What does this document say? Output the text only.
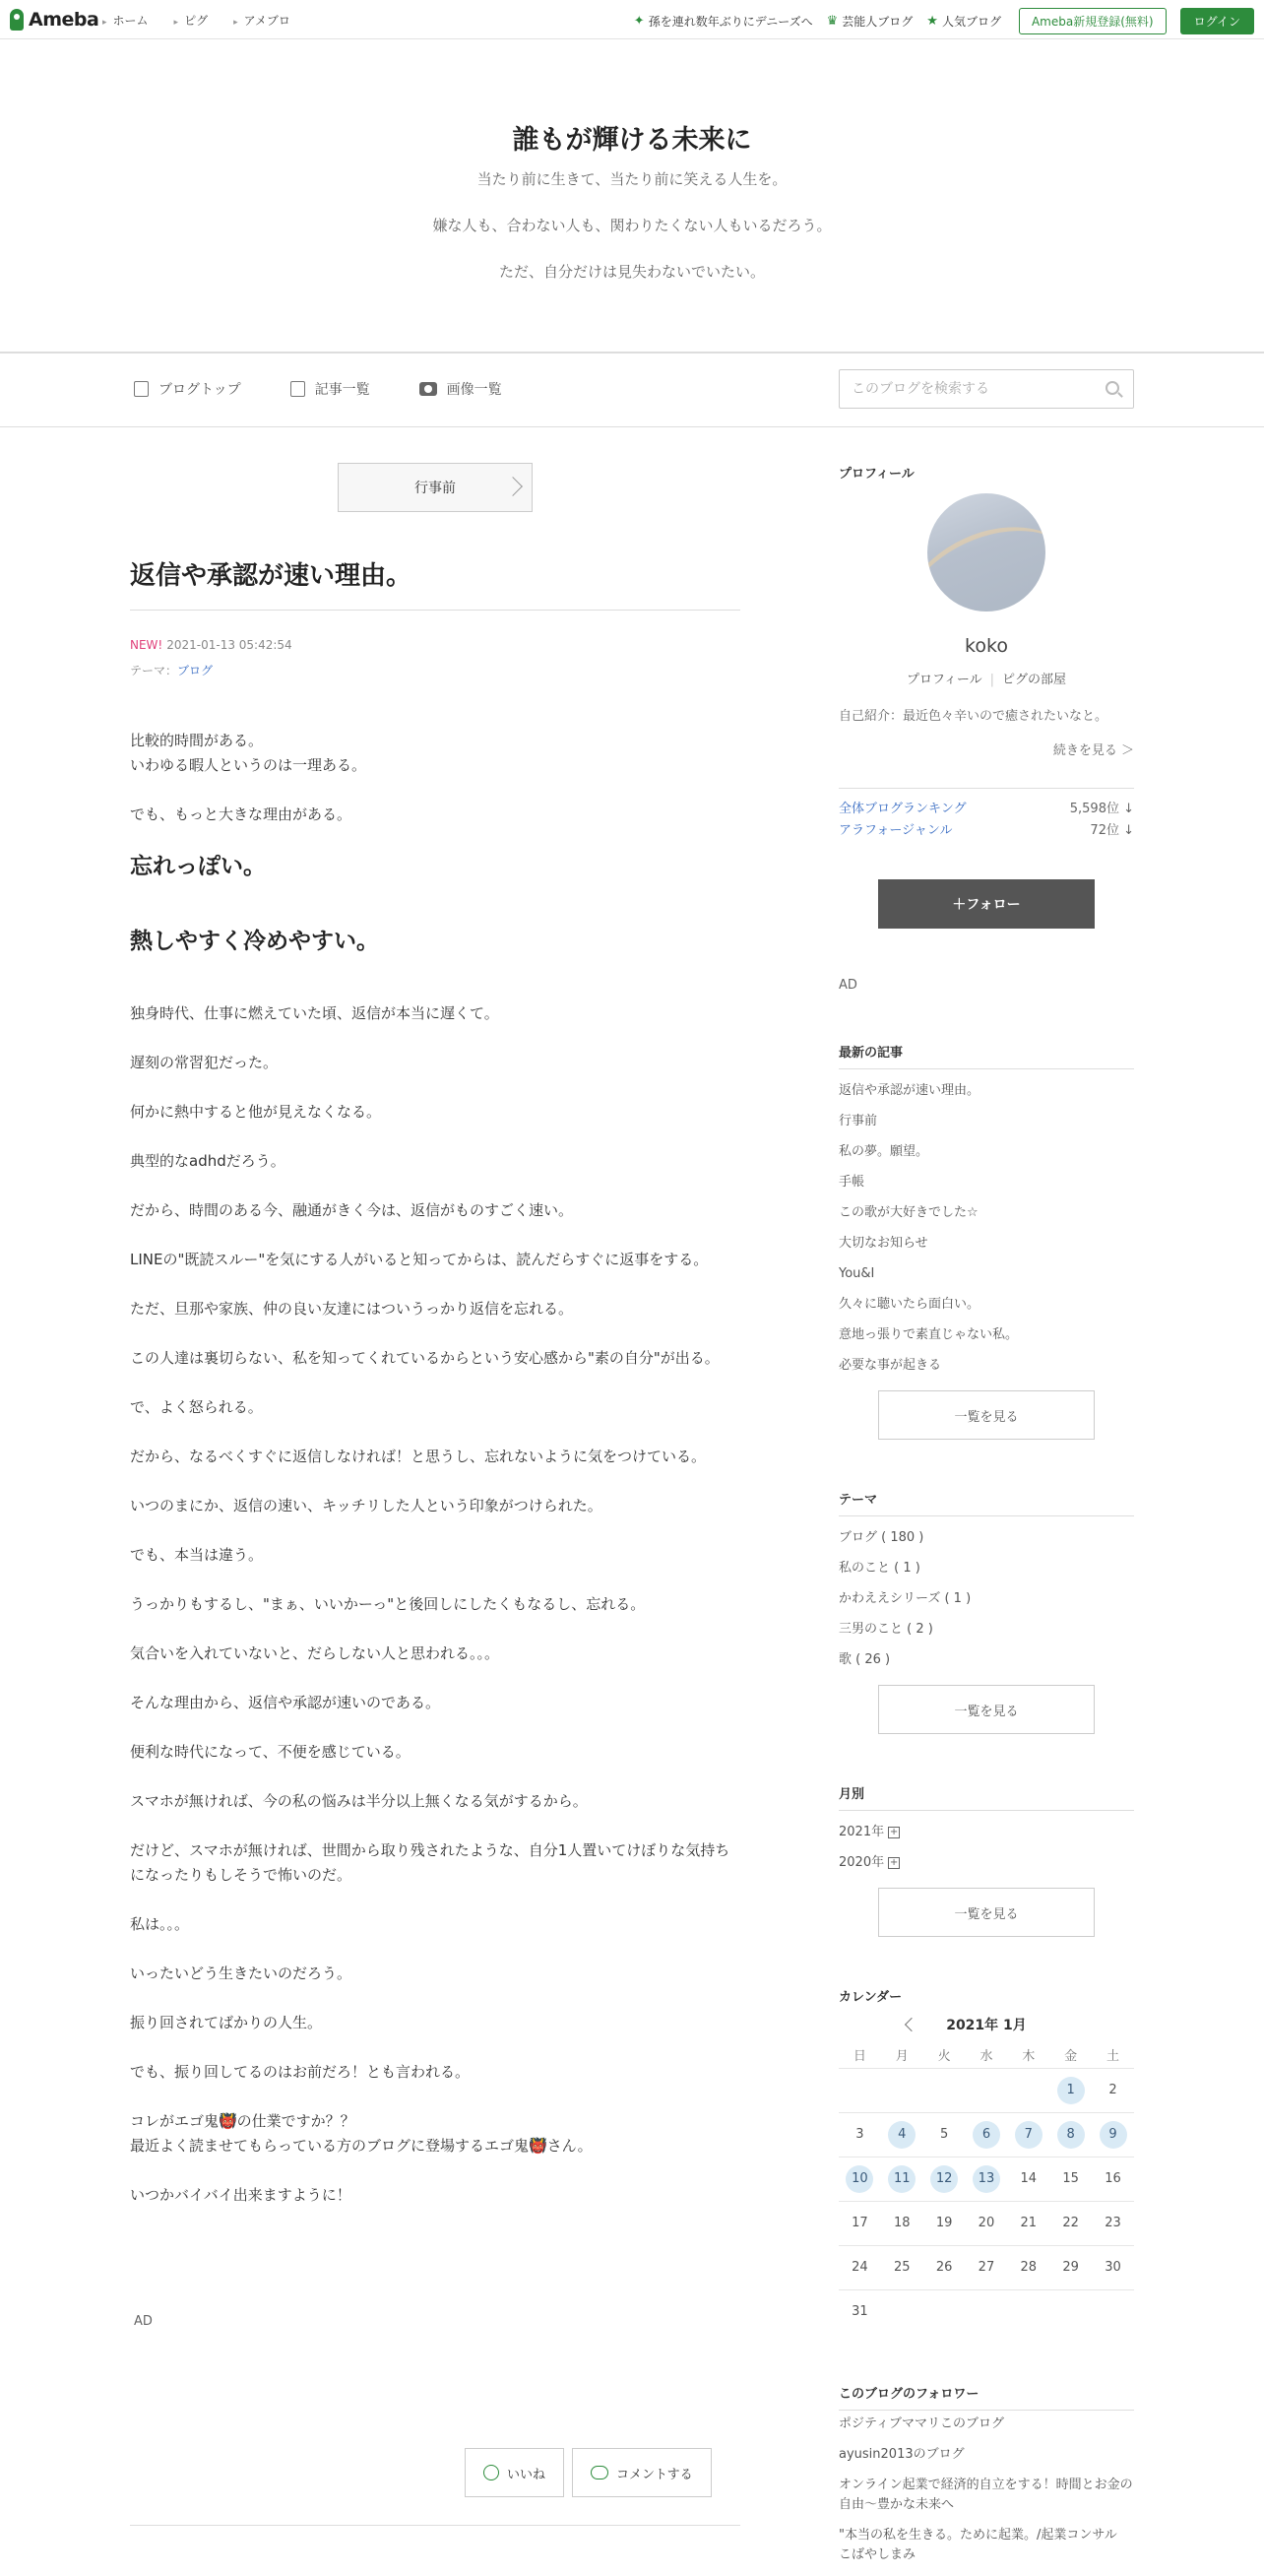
Ameba	▸ ホーム	▸ ピグ	▸ アメブロ	✦ 孫を連れ数年ぶりにデニーズへ ♛ 芸能人ブログ ★ 人気ブログ	Ameba新規登録(無料)	ログイン
誰もが輝ける未来に

当たり前に生きて、当たり前に笑える人生を。

嫌な人も、合わない人も、関わりたくない人もいるだろう。

ただ、自分だけは見失わないでいたい。

ブログトップ	記事一覧	画像一覧
このブログを検索する
行事前
返信や承認が速い理由。
NEW! 2021-01-13 05:42:54
テーマ：ブログ

比較的時間がある。
いわゆる暇人というのは一理ある。

でも、もっと大きな理由がある。

忘れっぽい。
熱しやすく冷めやすい。

独身時代、仕事に燃えていた頃、返信が本当に遅くて。

遅刻の常習犯だった。

何かに熱中すると他が見えなくなる。

典型的なadhdだろう。

だから、時間のある今、融通がきく今は、返信がものすごく速い。

LINEの"既読スルー"を気にする人がいると知ってからは、読んだらすぐに返事をする。

ただ、旦那や家族、仲の良い友達にはついうっかり返信を忘れる。

この人達は裏切らない、私を知ってくれているからという安心感から"素の自分"が出る。

で、よく怒られる。

だから、なるべくすぐに返信しなければ！と思うし、忘れないように気をつけている。

いつのまにか、返信の速い、キッチリした人という印象がつけられた。

でも、本当は違う。

うっかりもするし、"まぁ、いいかーっ"と後回しにしたくもなるし、忘れる。

気合いを入れていないと、だらしない人と思われる。。。

そんな理由から、返信や承認が速いのである。

便利な時代になって、不便を感じている。

スマホが無ければ、今の私の悩みは半分以上無くなる気がするから。

だけど、スマホが無ければ、世間から取り残されたような、自分1人置いてけぼりな気持ちになったりもしそうで怖いのだ。

私は。。。

いったいどう生きたいのだろう。

振り回されてばかりの人生。

でも、振り回してるのはお前だろ！とも言われる。

コレがエゴ鬼👹の仕業ですか？？
最近よく読ませてもらっている方のブログに登場するエゴ鬼👹さん。

いつかバイバイ出来ますように！

AD
いいね	コメントする
プロフィール
koko
プロフィール | ピグの部屋
自己紹介：最近色々辛いので癒されたいなと。
続きを見る ＞
全体ブログランキング	5,598位 ↓
アラフォージャンル	72位 ↓
＋フォロー
AD
最新の記事
返信や承認が速い理由。
行事前
私の夢。願望。
手帳
この歌が大好きでした☆
大切なお知らせ
You&I
久々に聴いたら面白い。
意地っ張りで素直じゃない私。
必要な事が起きる
一覧を見る
テーマ
ブログ ( 180 )
私のこと ( 1 )
かわええシリーズ ( 1 )
三男のこと ( 2 )
歌 ( 26 )
一覧を見る
月別
2021年 +
2020年 +
一覧を見る
カレンダー
2021年 1月
日	月	火	水	木	金	土
					1	2
3	4	5	6	7	8	9
10	11	12	13	14	15	16
17	18	19	20	21	22	23
24	25	26	27	28	29	30
31						
このブログのフォロワー
ポジティブママリこのブログ
ayusin2013のブログ
オンライン起業で経済的自立をする！時間とお金の自由～豊かな未来へ
"本当の私を生きる。ために起業。/起業コンサル　こばやしまみ
